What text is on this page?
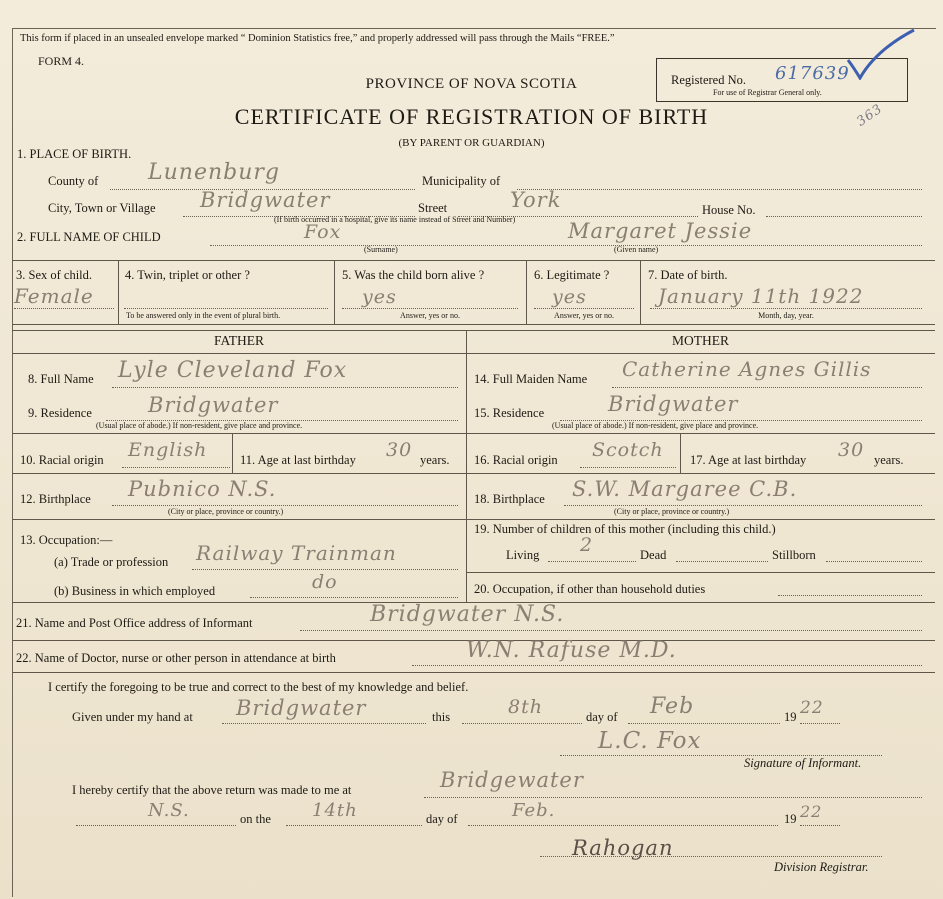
This form if placed in an unsealed envelope marked “ Dominion Statistics free,” and properly addressed will pass through the Mails “FREE.”
FORM 4.
PROVINCE OF NOVA SCOTIA
CERTIFICATE OF REGISTRATION OF BIRTH
(BY PARENT OR GUARDIAN)
Registered No. 617639
For use of Registrar General only.
363
1. PLACE OF BIRTH.
County of Lunenburg	Municipality of
City, Town or Village Bridgwater	Street	York	House No.
(If birth occurred in a hospital, give its name instead of Street and Number)
2. FULL NAME OF CHILD	Fox	Margaret Jessie
(Surname)	(Given name)
3. Sex of child.
Female
4. Twin, triplet or other ?
To be answered only in the event of plural birth.
5. Was the child born alive ?
yes
Answer, yes or no.
6. Legitimate ?
yes
Answer, yes or no.
7. Date of birth.
January 11th 1922
Month, day, year.
FATHER	MOTHER
8. Full Name Lyle Cleveland Fox
9. Residence	Bridgwater
(Usual place of abode.) If non-resident, give place and province.
10. Racial origin English	11. Age at last birthday 30 years.
12. Birthplace Pubnico N.S.
(City or place, province or country.)
13. Occupation:—
(a) Trade or profession Railway Trainman
(b) Business in which employed	do
14. Full Maiden Name Catherine Agnes Gillis
15. Residence	Bridgwater
(Usual place of abode.) If non-resident, give place and province.
16. Racial origin Scotch 17. Age at last birthday 30 years.
18. Birthplace S.W. Margaree C.B.
(City or place, province or country.)
19. Number of children of this mother (including this child.)
Living 2	Dead	Stillborn
20. Occupation, if other than household duties
21. Name and Post Office address of Informant	Bridgwater N.S.
22. Name of Doctor, nurse or other person in attendance at birth	W.N. Rafuse M.D.
I certify the foregoing to be true and correct to the best of my knowledge and belief.
Given under my hand at Bridgwater	this	8th	day of Feb	19 22
L.C. Fox
Signature of Informant.
I hereby certify that the above return was made to me at	Bridgewater
N.S.	on the 14th	day of	Feb.	19 22
Rahogan
Division Registrar.
